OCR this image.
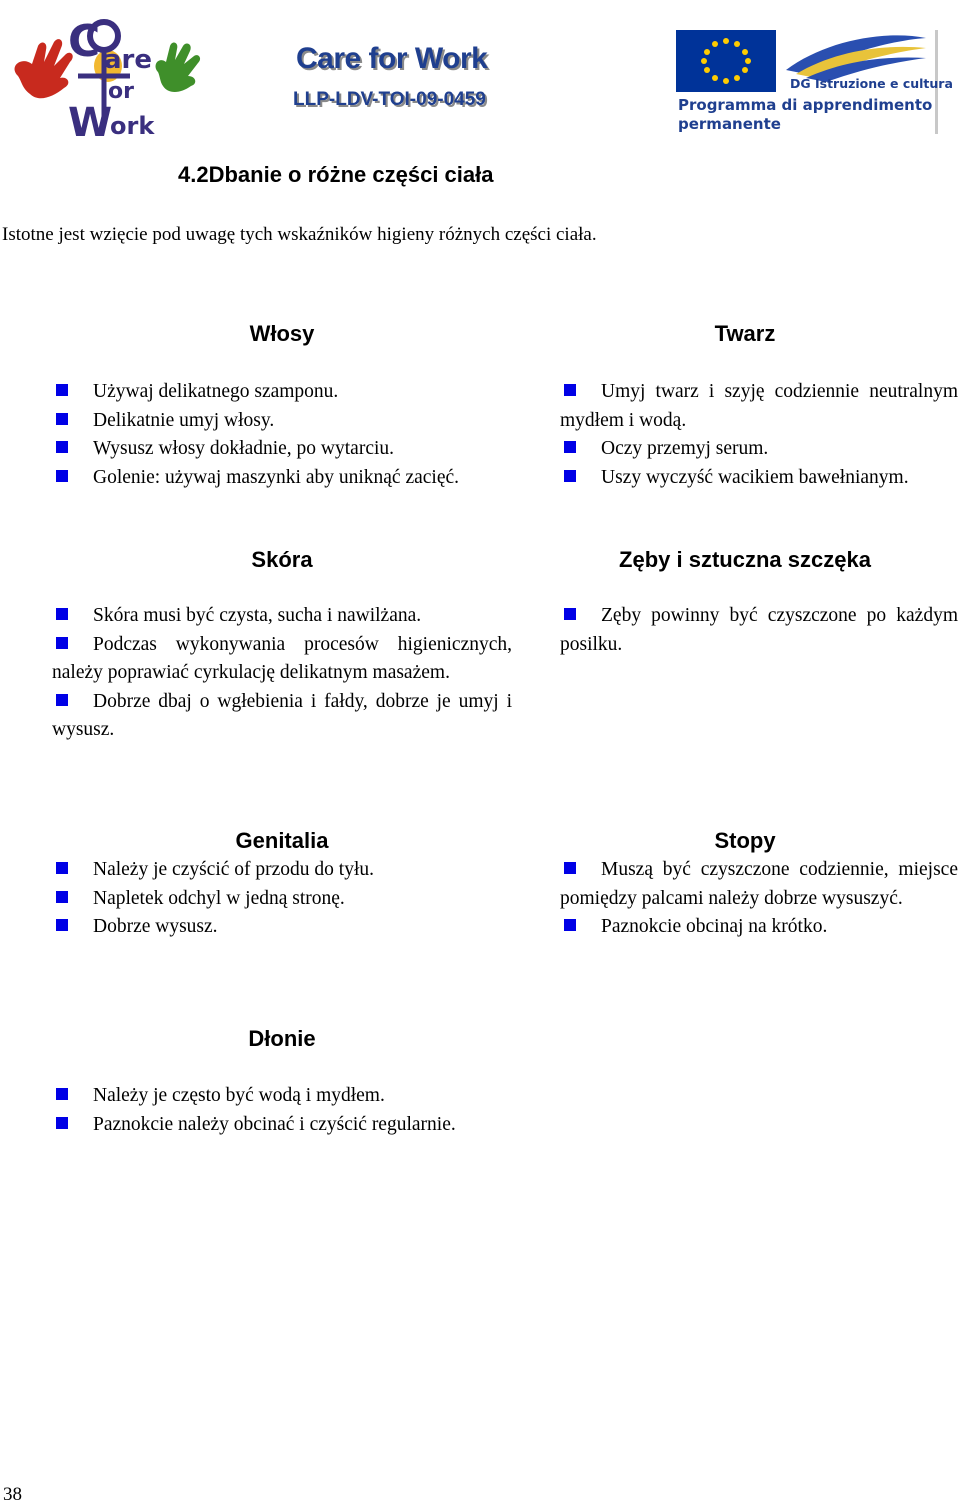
are
or
W
ork
C	Care for Work
LLP-LDV-TOI-09-0459
DG Istruzione e cultura
Programma di apprendimento
permanente
4.2Dbanie o różne części ciała
Istotne jest wzięcie pod uwagę tych wskaźników higieny różnych części ciała.
Włosy

Używaj delikatnego szamponu.

Delikatnie umyj włosy.

Wysusz włosy dokładnie, po wytarciu.

Golenie: używaj maszynki aby uniknąć zacięć.

Twarz

Umyj twarz i szyję codziennie neutralnym mydłem i wodą.

Oczy przemyj serum.

Uszy wyczyść wacikiem bawełnianym.

Skóra

Skóra musi być czysta, sucha i nawilżana.

Podczas wykonywania procesów higienicznych, należy poprawiać cyrkulację delikatnym masażem.

Dobrze dbaj o wgłebienia i fałdy, dobrze je umyj i wysusz.

Zęby i sztuczna szczęka

Zęby powinny być czyszczone po każdym posilku.

Genitalia

Należy je czyścić of przodu do tyłu.

Napletek odchyl w jedną stronę.

Dobrze wysusz.

Stopy

Muszą być czyszczone codziennie, miejsce pomiędzy palcami należy dobrze wysuszyć.

Paznokcie obcinaj na krótko.

Dłonie

Należy je często być wodą i mydłem.

Paznokcie należy obcinać i czyścić regularnie.

38
